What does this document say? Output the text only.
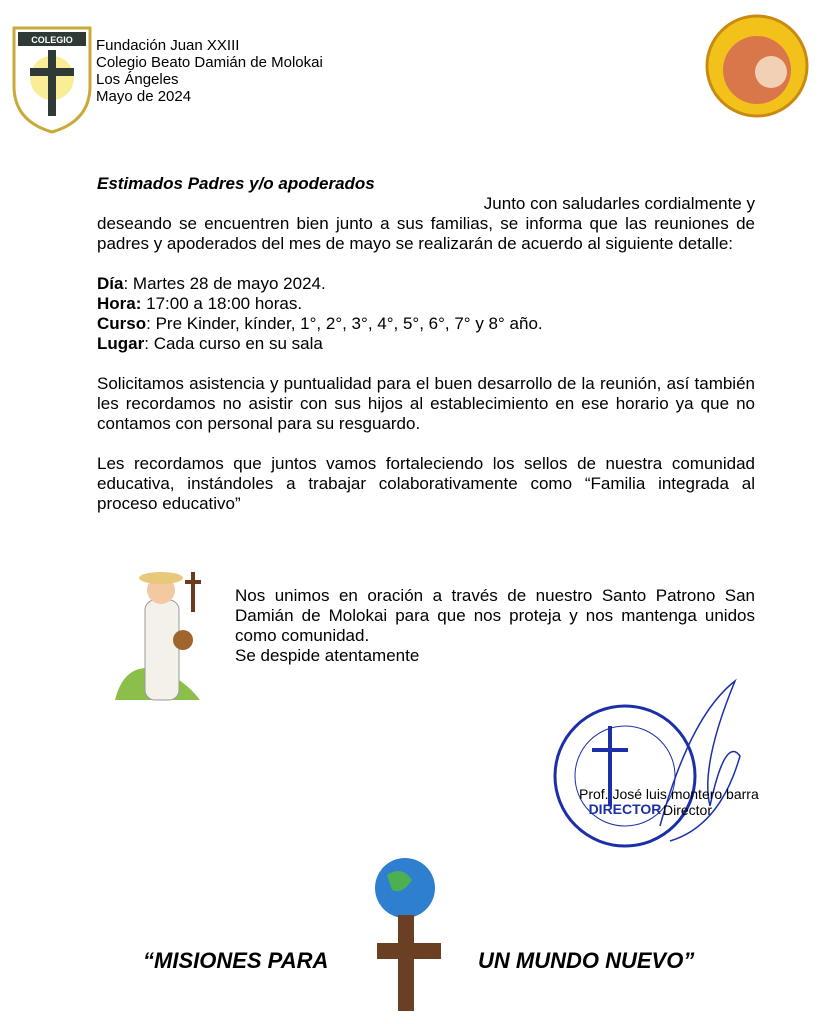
COLEGIO Fundación Juan XXIII
Colegio Beato Damián de Molokai
Los Ángeles
Mayo de 2024

Estimados Padres y/o apoderados

Junto con saludarles cordialmente y

deseando se encuentren bien junto a sus familias, se informa que las reuniones de padres y apoderados del mes de mayo se realizarán de acuerdo al siguiente detalle:

Día: Martes 28 de mayo 2024.

Hora: 17:00 a 18:00 horas.

Curso: Pre Kinder, kínder, 1°, 2°, 3°, 4°, 5°, 6°, 7° y 8° año.

Lugar: Cada curso en su sala

Solicitamos asistencia y puntualidad para el buen desarrollo de la reunión, así también les recordamos no asistir con sus hijos al establecimiento en ese horario ya que no contamos con personal para su resguardo.

Les recordamos que juntos vamos fortaleciendo los sellos de nuestra comunidad educativa, instándoles a trabajar colaborativamente como “Familia integrada al proceso educativo”

Nos unimos en oración a través de nuestro Santo Patrono San Damián de Molokai para que nos proteja y nos mantenga unidos como comunidad.

Se despide atentamente

DIRECTOR
Prof. José luis montero barra
Director
“MISIONES PARA	UN MUNDO NUEVO”
